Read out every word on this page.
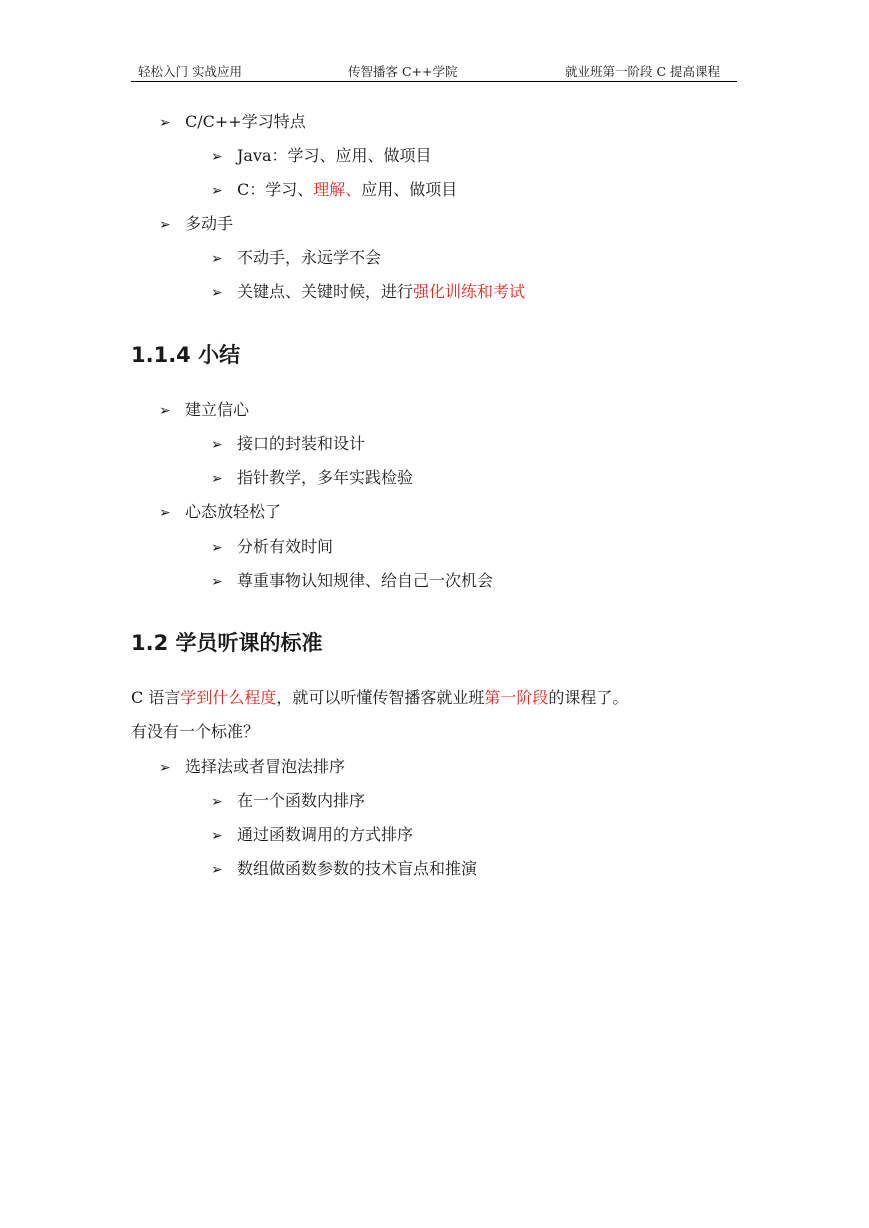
轻松入门 实战应用	传智播客 C++学院	就业班第一阶段 C 提高课程
➢ C/C++学习特点
➢ Java：学习、应用、做项目
➢ C：学习、理解、应用、做项目
➢ 多动手
➢ 不动手，永远学不会
➢ 关键点、关键时候，进行强化训练和考试
1.1.4 小结
➢ 建立信心
➢ 接口的封装和设计
➢ 指针教学，多年实践检验
➢ 心态放轻松了
➢ 分析有效时间
➢ 尊重事物认知规律、给自己一次机会
1.2 学员听课的标准
C 语言学到什么程度，就可以听懂传智播客就业班第一阶段的课程了。
有没有一个标准？
➢ 选择法或者冒泡法排序
➢ 在一个函数内排序
➢ 通过函数调用的方式排序
➢ 数组做函数参数的技术盲点和推演
